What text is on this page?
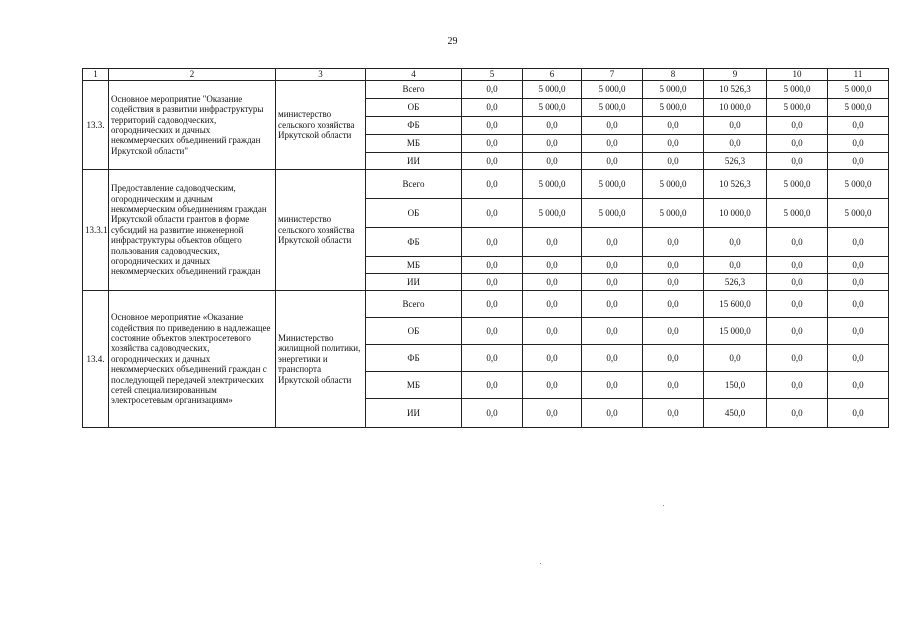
29
1	2	3	4	5	6	7	8	9	10	11
13.3.	Основное мероприятие "Оказание содействия в развитии инфраструктуры территорий садоводческих, огороднических и дачных некоммерческих объединений граждан Иркутской области"	министерство сельского хозяйства Иркутской области	Всего	0,0	5 000,0	5 000,0	5 000,0	10 526,3	5 000,0	5 000,0
			ОБ	0,0	5 000,0	5 000,0	5 000,0	10 000,0	5 000,0	5 000,0
			ФБ	0,0	0,0	0,0	0,0	0,0	0,0	0,0
			МБ	0,0	0,0	0,0	0,0	0,0	0,0	0,0
			ИИ	0,0	0,0	0,0	0,0	526,3	0,0	0,0
13.3.1.	Предоставление садоводческим, огородническим и дачным некоммерческим объединениям граждан Иркутской области грантов в форме субсидий на развитие инженерной инфраструктуры объектов общего пользования садоводческих, огороднических и дачных некоммерческих объединений граждан	министерство сельского хозяйства Иркутской области	Всего	0,0	5 000,0	5 000,0	5 000,0	10 526,3	5 000,0	5 000,0
			ОБ	0,0	5 000,0	5 000,0	5 000,0	10 000,0	5 000,0	5 000,0
			ФБ	0,0	0,0	0,0	0,0	0,0	0,0	0,0
			МБ	0,0	0,0	0,0	0,0	0,0	0,0	0,0
			ИИ	0,0	0,0	0,0	0,0	526,3	0,0	0,0
13.4.	Основное мероприятие «Оказание содействия по приведению в надлежащее состояние объектов электросетевого хозяйства садоводческих, огороднических и дачных некоммерческих объединений граждан с последующей передачей электрических сетей специализированным электросетевым организациям»	Министерство жилищной политики, энергетики и транспорта Иркутской области	Всего	0,0	0,0	0,0	0,0	15 600,0	0,0	0,0
			ОБ	0,0	0,0	0,0	0,0	15 000,0	0,0	0,0
			ФБ	0,0	0,0	0,0	0,0	0,0	0,0	0,0
			МБ	0,0	0,0	0,0	0,0	150,0	0,0	0,0
			ИИ	0,0	0,0	0,0	0,0	450,0	0,0	0,0
